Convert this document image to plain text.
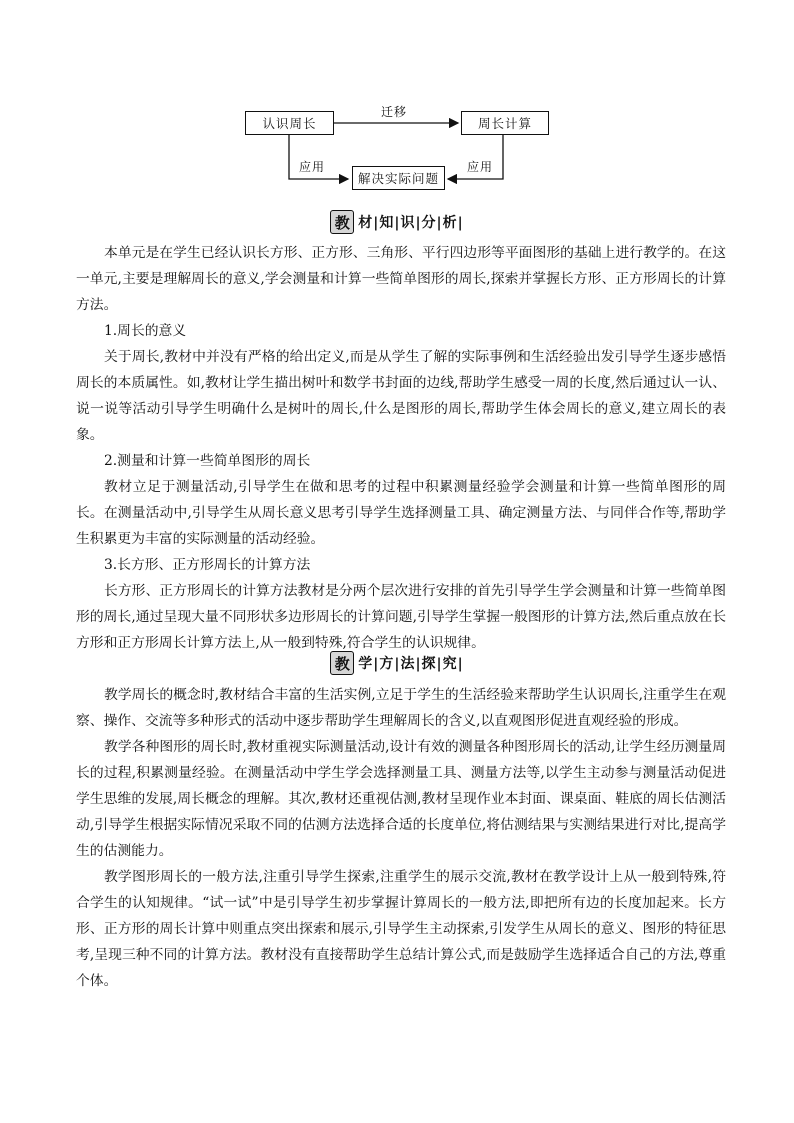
认识周长	周长计算
解决实际问题
迁移
应用	应用
教 材|知|识|分|析|

本单元是在学生已经认识长方形、正方形、三角形、平行四边形等平面图形的基础上进行教学的。在这一单元,主要是理解周长的意义,学会测量和计算一些简单图形的周长,探索并掌握长方形、正方形周长的计算方法。

1.周长的意义

关于周长,教材中并没有严格的给出定义,而是从学生了解的实际事例和生活经验出发引导学生逐步感悟周长的本质属性。如,教材让学生描出树叶和数学书封面的边线,帮助学生感受一周的长度,然后通过认一认、说一说等活动引导学生明确什么是树叶的周长,什么是图形的周长,帮助学生体会周长的意义,建立周长的表象。

2.测量和计算一些简单图形的周长

教材立足于测量活动,引导学生在做和思考的过程中积累测量经验学会测量和计算一些简单图形的周长。在测量活动中,引导学生从周长意义思考引导学生选择测量工具、确定测量方法、与同伴合作等,帮助学生积累更为丰富的实际测量的活动经验。

3.长方形、正方形周长的计算方法

长方形、正方形周长的计算方法教材是分两个层次进行安排的首先引导学生学会测量和计算一些简单图形的周长,通过呈现大量不同形状多边形周长的计算问题,引导学生掌握一般图形的计算方法,然后重点放在长方形和正方形周长计算方法上,从一般到特殊,符合学生的认识规律。

教 学|方|法|探|究|

教学周长的概念时,教材结合丰富的生活实例,立足于学生的生活经验来帮助学生认识周长,注重学生在观察、操作、交流等多种形式的活动中逐步帮助学生理解周长的含义,以直观图形促进直观经验的形成。

教学各种图形的周长时,教材重视实际测量活动,设计有效的测量各种图形周长的活动,让学生经历测量周长的过程,积累测量经验。在测量活动中学生学会选择测量工具、测量方法等,以学生主动参与测量活动促进学生思维的发展,周长概念的理解。其次,教材还重视估测,教材呈现作业本封面、课桌面、鞋底的周长估测活动,引导学生根据实际情况采取不同的估测方法选择合适的长度单位,将估测结果与实测结果进行对比,提高学生的估测能力。

教学图形周长的一般方法,注重引导学生探索,注重学生的展示交流,教材在教学设计上从一般到特殊,符合学生的认知规律。“试一试”中是引导学生初步掌握计算周长的一般方法,即把所有边的长度加起来。长方形、正方形的周长计算中则重点突出探索和展示,引导学生主动探索,引发学生从周长的意义、图形的特征思考,呈现三种不同的计算方法。教材没有直接帮助学生总结计算公式,而是鼓励学生选择适合自己的方法,尊重个体。
